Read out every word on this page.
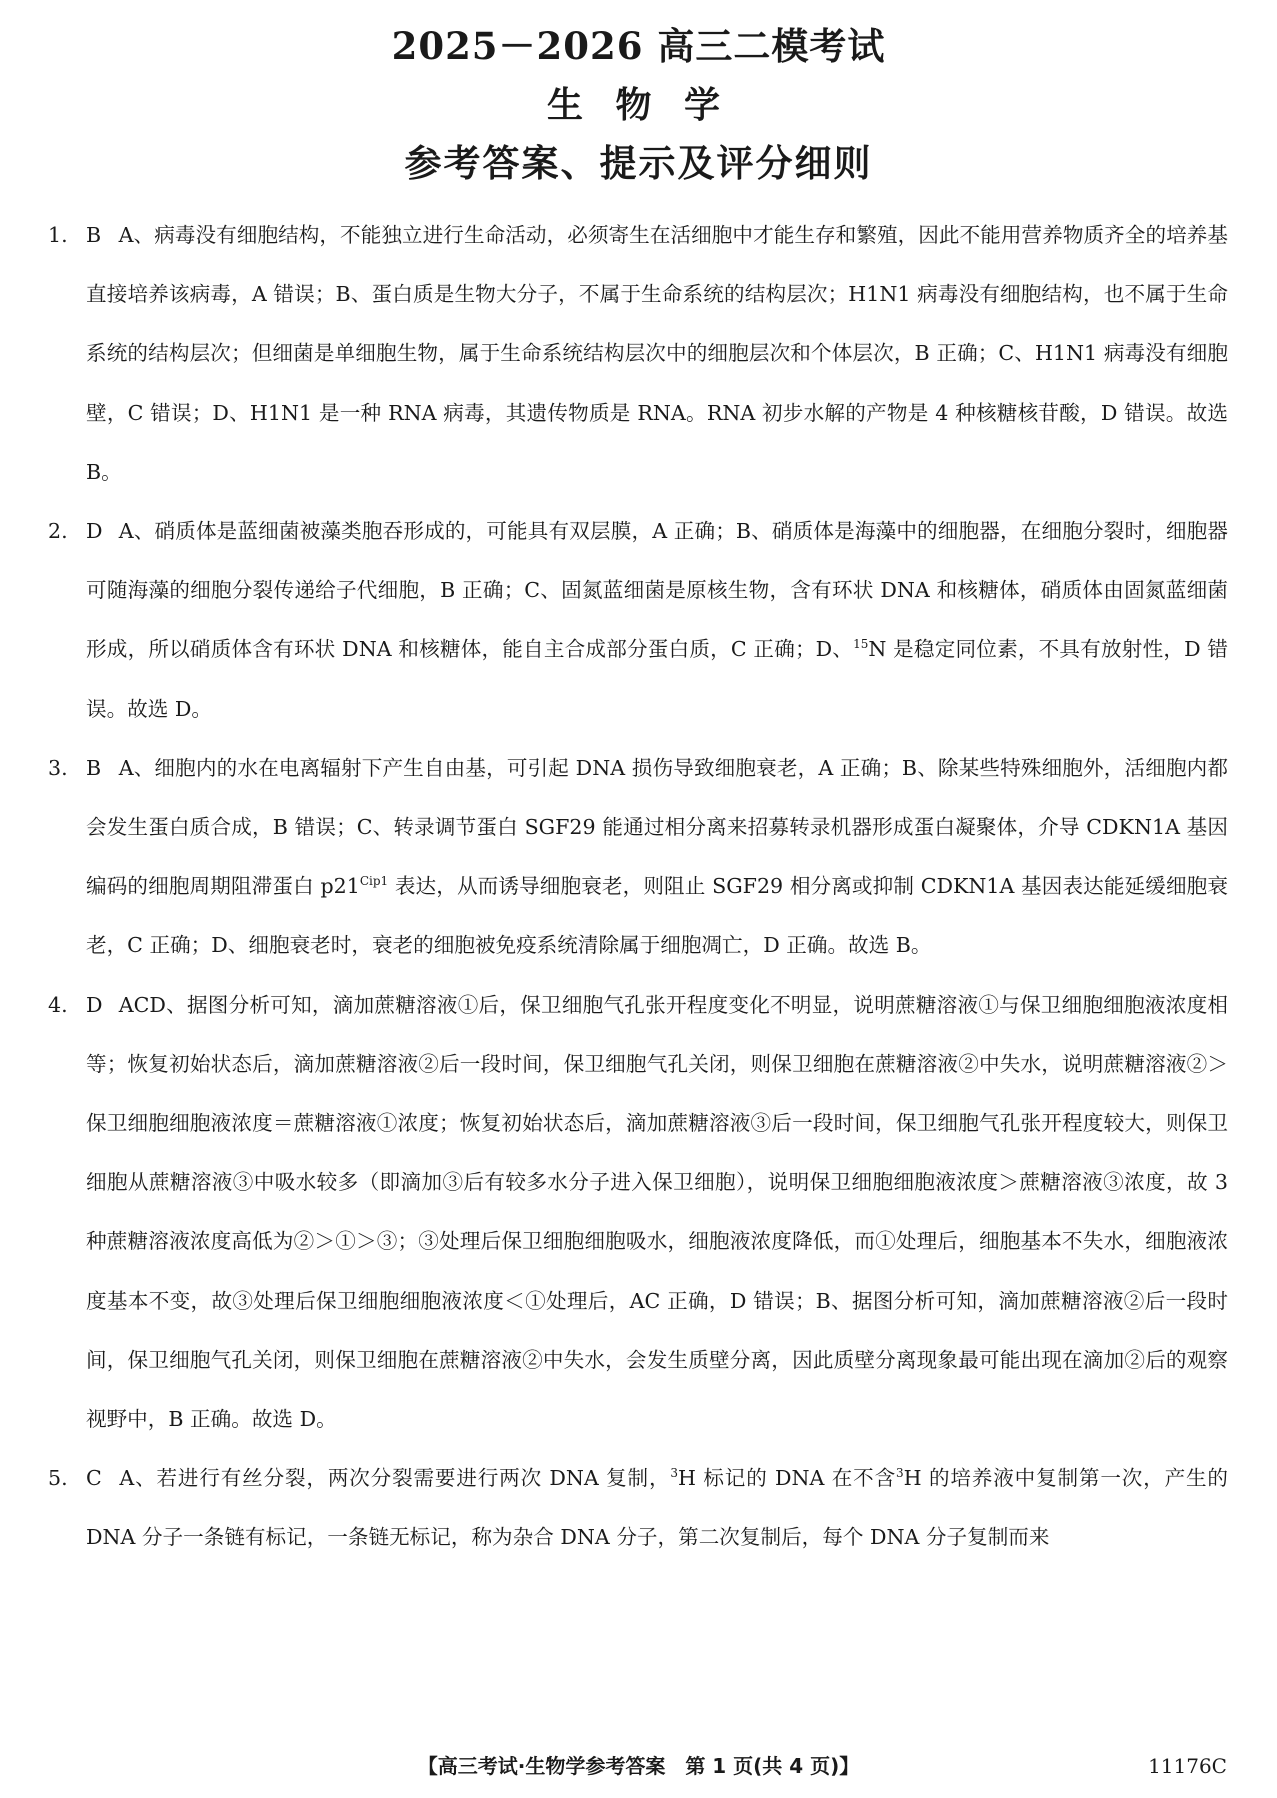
2025－2026 高三二模考试
生 物 学
参考答案、提示及评分细则

1. B A、病毒没有细胞结构，不能独立进行生命活动，必须寄生在活细胞中才能生存和繁殖，因此不能用营养物质齐全的培养基直接培养该病毒，A 错误；B、蛋白质是生物大分子，不属于生命系统的结构层次；H1N1 病毒没有细胞结构，也不属于生命系统的结构层次；但细菌是单细胞生物，属于生命系统结构层次中的细胞层次和个体层次，B 正确；C、H1N1 病毒没有细胞壁，C 错误；D、H1N1 是一种 RNA 病毒，其遗传物质是 RNA。RNA 初步水解的产物是 4 种核糖核苷酸，D 错误。故选 B。

2. D A、硝质体是蓝细菌被藻类胞吞形成的，可能具有双层膜，A 正确；B、硝质体是海藻中的细胞器，在细胞分裂时，细胞器可随海藻的细胞分裂传递给子代细胞，B 正确；C、固氮蓝细菌是原核生物，含有环状 DNA 和核糖体，硝质体由固氮蓝细菌形成，所以硝质体含有环状 DNA 和核糖体，能自主合成部分蛋白质，C 正确；D、$^{15}$N 是稳定同位素，不具有放射性，D 错误。故选 D。

3. B A、细胞内的水在电离辐射下产生自由基，可引起 DNA 损伤导致细胞衰老，A 正确；B、除某些特殊细胞外，活细胞内都会发生蛋白质合成，B 错误；C、转录调节蛋白 SGF29 能通过相分离来招募转录机器形成蛋白凝聚体，介导 CDKN1A 基因编码的细胞周期阻滞蛋白 $p21^{Cip1}$ 表达，从而诱导细胞衰老，则阻止 SGF29 相分离或抑制 CDKN1A 基因表达能延缓细胞衰老，C 正确；D、细胞衰老时，衰老的细胞被免疫系统清除属于细胞凋亡，D 正确。故选 B。

4. D ACD、据图分析可知，滴加蔗糖溶液①后，保卫细胞气孔张开程度变化不明显，说明蔗糖溶液①与保卫细胞细胞液浓度相等；恢复初始状态后，滴加蔗糖溶液②后一段时间，保卫细胞气孔关闭，则保卫细胞在蔗糖溶液②中失水，说明蔗糖溶液②＞保卫细胞细胞液浓度＝蔗糖溶液①浓度；恢复初始状态后，滴加蔗糖溶液③后一段时间，保卫细胞气孔张开程度较大，则保卫细胞从蔗糖溶液③中吸水较多（即滴加③后有较多水分子进入保卫细胞），说明保卫细胞细胞液浓度＞蔗糖溶液③浓度，故 3 种蔗糖溶液浓度高低为②＞①＞③；③处理后保卫细胞细胞吸水，细胞液浓度降低，而①处理后，细胞基本不失水，细胞液浓度基本不变，故③处理后保卫细胞细胞液浓度＜①处理后，AC 正确，D 错误；B、据图分析可知，滴加蔗糖溶液②后一段时间，保卫细胞气孔关闭，则保卫细胞在蔗糖溶液②中失水，会发生质壁分离，因此质壁分离现象最可能出现在滴加②后的观察视野中，B 正确。故选 D。

5. C A、若进行有丝分裂，两次分裂需要进行两次 DNA 复制，$^3$H 标记的 DNA 在不含$^3$H 的培养液中复制第一次，产生的 DNA 分子一条链有标记，一条链无标记，称为杂合 DNA 分子，第二次复制后，每个 DNA 分子复制而来

【高三考试·生物学参考答案　第 1 页(共 4 页)】	11176C
